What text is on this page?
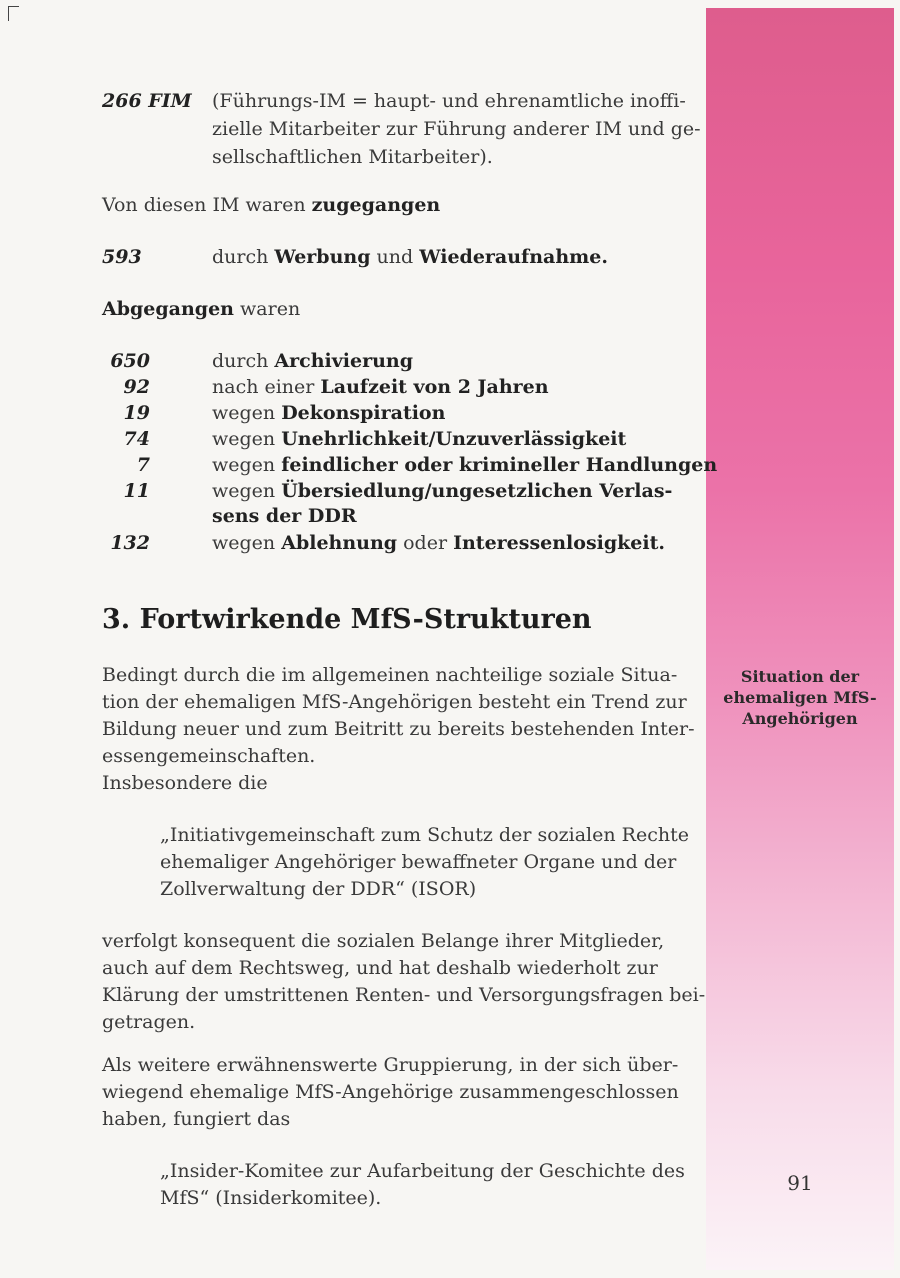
266 FIM (Führungs-IM = haupt- und ehrenamtliche inoffi-
zielle Mitarbeiter zur Führung anderer IM und ge-
sellschaftlichen Mitarbeiter).
Von diesen IM waren zugegangen
593	durch Werbung und Wiederaufnahme.
Abgegangen waren
650	durch Archivierung
92	nach einer Laufzeit von 2 Jahren
19	wegen Dekonspiration
74	wegen Unehrlichkeit/Unzuverlässigkeit
7	wegen feindlicher oder krimineller Handlungen
11	wegen Übersiedlung/ungesetzlichen Verlas-
sens der DDR
132	wegen Ablehnung oder Interessenlosigkeit.
3. Fortwirkende MfS-Strukturen
Bedingt durch die im allgemeinen nachteilige soziale Situa-
tion der ehemaligen MfS-Angehörigen besteht ein Trend zur
Bildung neuer und zum Beitritt zu bereits bestehenden Inter-
essengemeinschaften.
Insbesondere die
„Initiativgemeinschaft zum Schutz der sozialen Rechte
ehemaliger Angehöriger bewaffneter Organe und der
Zollverwaltung der DDR“ (ISOR)
verfolgt konsequent die sozialen Belange ihrer Mitglieder,
auch auf dem Rechtsweg, und hat deshalb wiederholt zur
Klärung der umstrittenen Renten- und Versorgungsfragen bei-
getragen.
Als weitere erwähnenswerte Gruppierung, in der sich über-
wiegend ehemalige MfS-Angehörige zusammengeschlossen
haben, fungiert das
„Insider-Komitee zur Aufarbeitung der Geschichte des
MfS“ (Insiderkomitee).
Situation der
ehemaligen MfS-
Angehörigen
91
